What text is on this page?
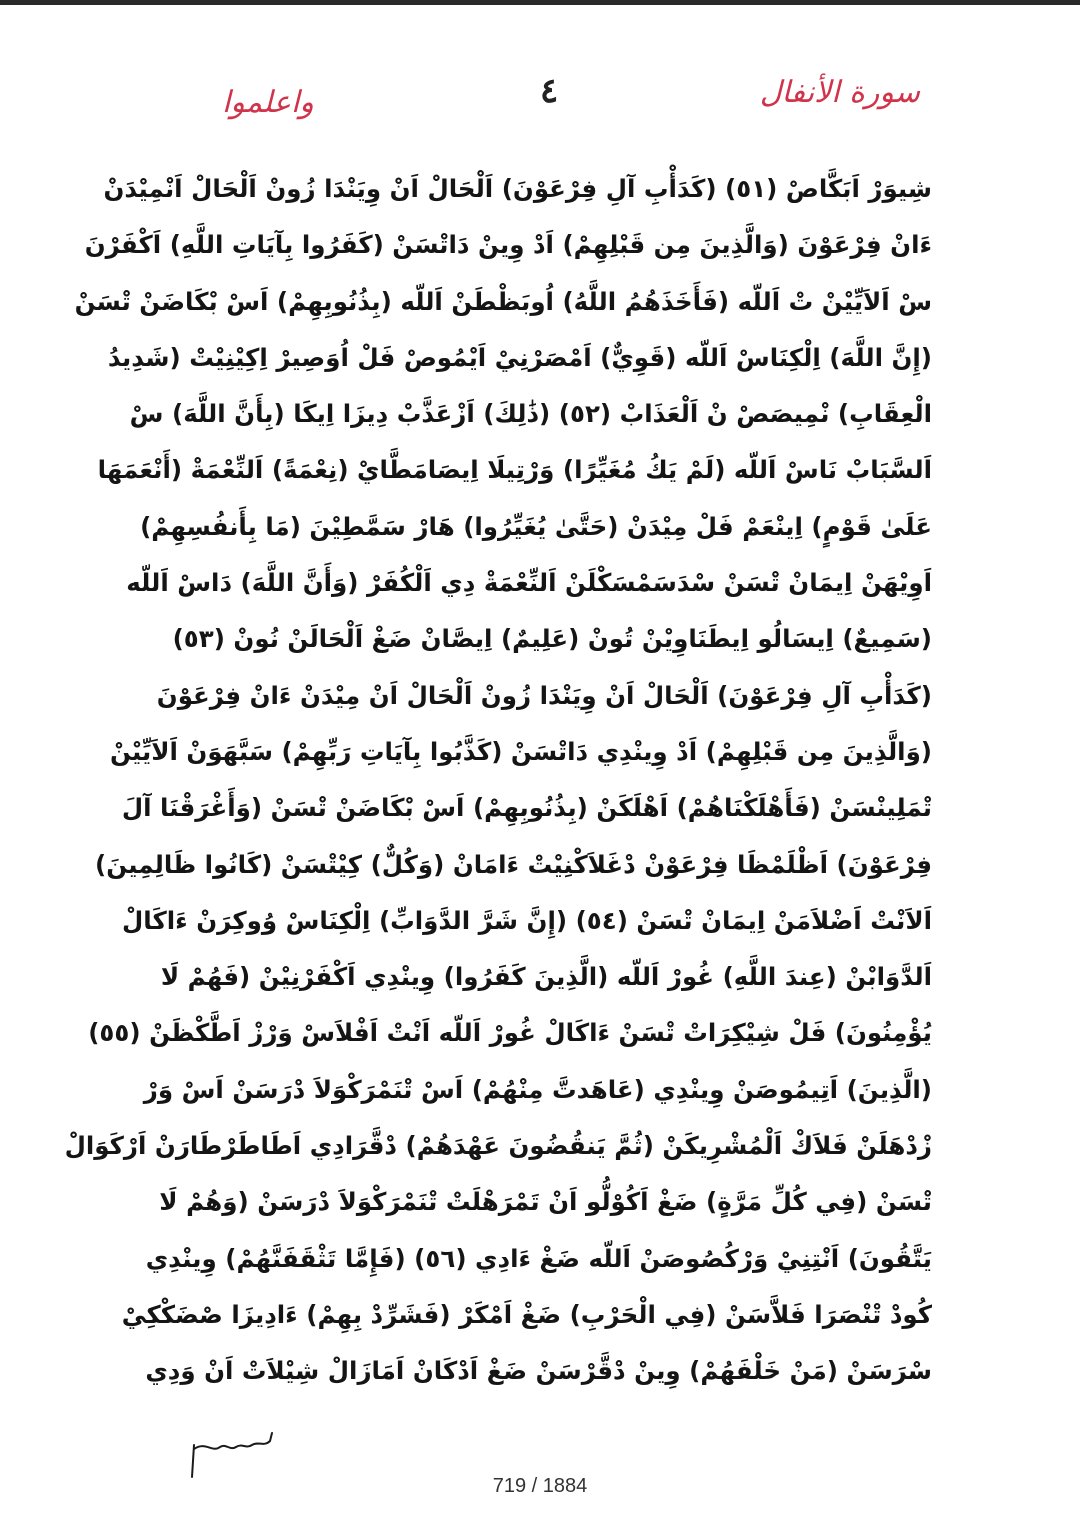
سورة الأنفال
٤
واعلموا
شِيوَرْ اَبَكَّاصْ (٥١) (كَدَأْبِ آلِ فِرْعَوْنَ) اَلْحَالْ اَنْ وِيَنْدَا زُونْ اَلْحَالْ اَنْمِيْدَنْ
ءَانْ فِرْعَوْنَ (وَالَّذِينَ مِن قَبْلِهِمْ) اَدْ وِينْ دَاتْسَنْ (كَفَرُوا بِآيَاتِ اللَّهِ) اَكْفَرْنَ
سْ اَلاَيِّيْنْ تْ اَللّه (فَأَخَذَهُمُ اللَّهُ) اُوبَظْطَنْ اَللّه (بِذُنُوبِهِمْ) اَسْ بْكَاضَنْ تْسَنْ
(إِنَّ اللَّهَ) اِلْكِنَاسْ اَللّه (قَوِيٌّ) اَمْصَرْنِيْ اَيْمُوصْ فَلْ اُوَصِيرْ اِكِيْنِيْتْ (شَدِيدُ
الْعِقَابِ) نْمِيصَصْ نْ اَلْعَذَابْ (٥٢) (ذَٰلِكَ) اَزْعَذَّبْ دِيزَا اِيكَا (بِأَنَّ اللَّهَ) سْ
اَلسَّبَابْ نَاسْ اَللّه (لَمْ يَكُ مُغَيِّرًا) وَرْتِيلَا اِيصَامَطَّايْ (نِعْمَةً) اَلنِّعْمَةْ (أَنْعَمَهَا
عَلَىٰ قَوْمٍ) اِينْعَمْ فَلْ مِيْدَنْ (حَتَّىٰ يُغَيِّرُوا) هَارْ سَمَّطِيْنَ (مَا بِأَنفُسِهِمْ)
اَوِيْهَنْ اِيمَانْ تْسَنْ سْدَسَمْسَكْلَنْ اَلنِّعْمَةْ دِي اَلْكُفَرْ (وَأَنَّ اللَّهَ) دَاسْ اَللّه
(سَمِيعٌ) اِيسَالُو اِيطَنَاوِيْنْ تُونْ (عَلِيمٌ) اِيصَّانْ ضَغْ اَلْحَالَنْ نُونْ (٥٣)
(كَدَأْبِ آلِ فِرْعَوْنَ) اَلْحَالْ اَنْ وِيَنْدَا زُونْ اَلْحَالْ اَنْ مِيْدَنْ ءَانْ فِرْعَوْنَ
(وَالَّذِينَ مِن قَبْلِهِمْ) اَدْ وِينْدِي دَاتْسَنْ (كَذَّبُوا بِآيَاتِ رَبِّهِمْ) سَبَّهَوَنْ اَلاَيِّيْنْ
تْمَلِينْسَنْ (فَأَهْلَكْنَاهُمْ) اَهْلَكَنْ (بِذُنُوبِهِمْ) اَسْ بْكَاضَنْ تْسَنْ (وَأَغْرَقْنَا آلَ
فِرْعَوْنَ) اَظْلَمْظَا فِرْعَوْنْ دْغَلاَكْنِيْتْ ءَامَانْ (وَكُلٌّ) كِيْتْسَنْ (كَانُوا ظَالِمِينَ)
اَلاَنْتْ اَضْلاَمَنْ اِيمَانْ تْسَنْ (٥٤) (إِنَّ شَرَّ الدَّوَابِّ) اِلْكِنَاسْ وُوكِرَنْ ءَاكَالْ
اَلدَّوَابْنْ (عِندَ اللَّهِ) غُورْ اَللّه (الَّذِينَ كَفَرُوا) وِينْدِي اَكْفَرْنِيْنْ (فَهُمْ لَا
يُؤْمِنُونَ) فَلْ شِيْكِرَاتْ تْسَنْ ءَاكَالْ غُورْ اَللّه اَنْتْ اَفْلاَسْ وَرْزْ اَطَّكْظَنْ (٥٥)
(الَّذِينَ) اَتِيمُوصَنْ وِينْدِي (عَاهَدتَّ مِنْهُمْ) اَسْ تْنَمْرَكْوَلاَ دْرَسَنْ اَسْ وَرْ
زْدْهَلَنْ فَلاَكْ اَلْمُشْرِيكَنْ (ثُمَّ يَنقُضُونَ عَهْدَهُمْ) دْقَّرَادِي اَطَاطَرْطَارَنْ اَرْكَوَالْ
تْسَنْ (فِي كُلِّ مَرَّةٍ) ضَغْ اَكُوْلُّو اَنْ تَمْرَهْلَتْ تْنَمْرَكْوَلاَ دْرَسَنْ (وَهُمْ لَا
يَتَّقُونَ) اَنْتِنِيْ وَرْكُصُوصَنْ اَللّه ضَغْ ءَادِي (٥٦) (فَإِمَّا تَثْقَفَنَّهُمْ) وِينْدِي
كُودْ تْنْصَرَا فَلاَّسَنْ (فِي الْحَرْبِ) ضَغْ اَمْكَرْ (فَشَرِّدْ بِهِمْ) ءَادِيزَا صْضَكْكِيْ
سْرَسَنْ (مَنْ خَلْفَهُمْ) وِينْ دْقَّرْسَنْ ضَغْ اَدْكَانْ اَمَازَالْ شِيْلاَتْ اَنْ وَدِي
719 / 1884
